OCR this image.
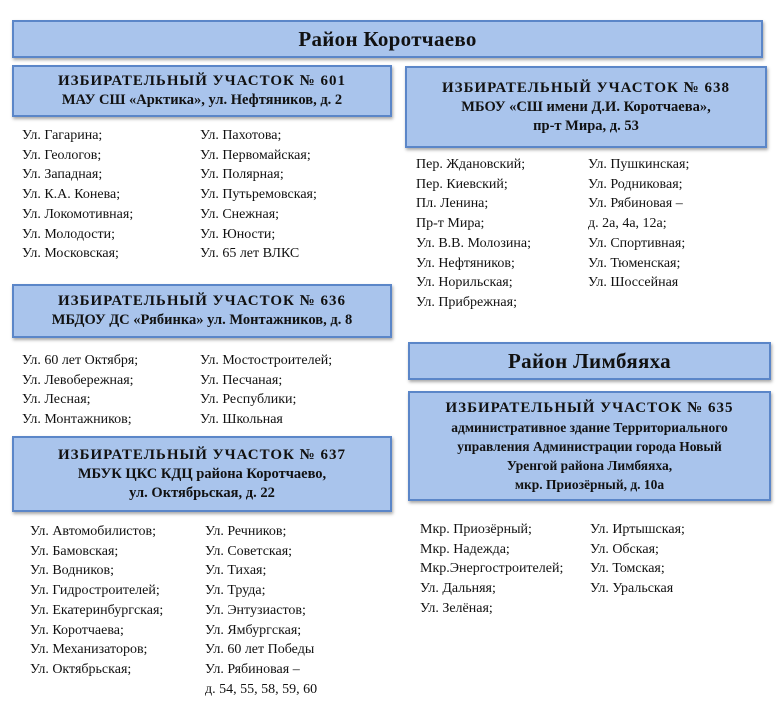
Район Коротчаево
Район Лимбяяха
ИЗБИРАТЕЛЬНЫЙ УЧАСТОК № 601
МАУ СШ «Арктика», ул. Нефтяников, д. 2
Ул. Гагарина;
Ул. Геологов;
Ул. Западная;
Ул. К.А. Конева;
Ул. Локомотивная;
Ул. Молодости;
Ул. Московская;
Ул. Пахотова;
Ул. Первомайская;
Ул. Полярная;
Ул. Путьремовская;
Ул. Снежная;
Ул. Юности;
Ул. 65 лет ВЛКС
ИЗБИРАТЕЛЬНЫЙ УЧАСТОК № 636
МБДОУ ДС «Рябинка» ул. Монтажников, д. 8
Ул. 60 лет Октября;
Ул. Левобережная;
Ул. Лесная;
Ул. Монтажников;
Ул. Мостостроителей;
Ул. Песчаная;
Ул. Республики;
Ул. Школьная
ИЗБИРАТЕЛЬНЫЙ УЧАСТОК № 637
МБУК ЦКС КДЦ района Коротчаево,
ул. Октябрьская, д. 22
Ул. Автомобилистов;
Ул. Бамовская;
Ул. Водников;
Ул. Гидростроителей;
Ул. Екатеринбургская;
Ул. Коротчаева;
Ул. Механизаторов;
Ул. Октябрьская;
Ул. Речников;
Ул. Советская;
Ул. Тихая;
Ул. Труда;
Ул. Энтузиастов;
Ул. Ямбургская;
Ул. 60 лет Победы
Ул. Рябиновая –
д. 54, 55, 58, 59, 60
ИЗБИРАТЕЛЬНЫЙ УЧАСТОК № 638
МБОУ «СШ имени Д.И. Коротчаева»,
пр-т Мира, д. 53
Пер. Ждановский;
Пер. Киевский;
Пл. Ленина;
Пр-т Мира;
Ул. В.В. Молозина;
Ул. Нефтяников;
Ул. Норильская;
Ул. Прибрежная;
Ул. Пушкинская;
Ул. Родниковая;
Ул. Рябиновая –
д. 2а, 4а, 12а;
Ул. Спортивная;
Ул. Тюменская;
Ул. Шоссейная
ИЗБИРАТЕЛЬНЫЙ УЧАСТОК № 635
административное здание Территориального
управления Администрации города Новый
Уренгой района Лимбяяха,
мкр. Приозёрный, д. 10а
Мкр. Приозёрный;
Мкр. Надежда;
Мкр.Энергостроителей;
Ул. Дальняя;
Ул. Зелёная;
Ул. Иртышская;
Ул. Обская;
Ул. Томская;
Ул. Уральская
